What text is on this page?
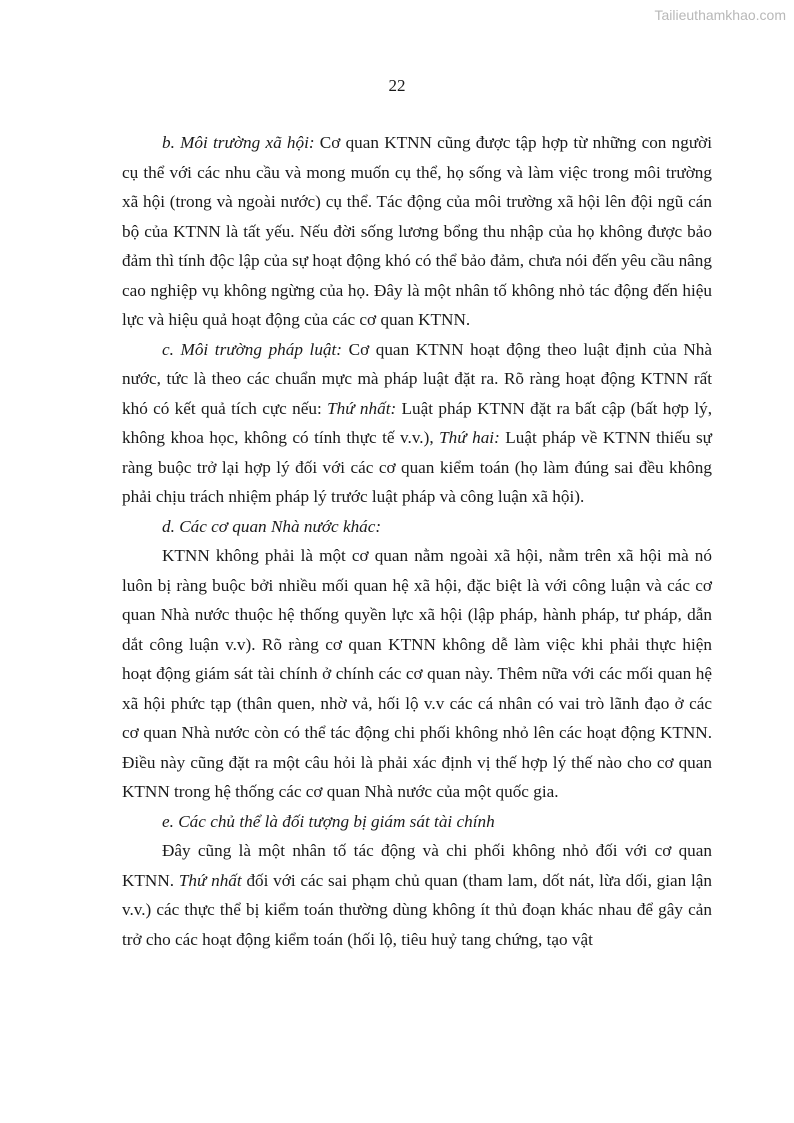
Tailieuthamkhao.com
22

b. Môi trường xã hội: Cơ quan KTNN cũng được tập hợp từ những con người cụ thể với các nhu cầu và mong muốn cụ thể, họ sống và làm việc trong môi trường xã hội (trong và ngoài nước) cụ thể. Tác động của môi trường xã hội lên đội ngũ cán bộ của KTNN là tất yếu. Nếu đời sống lương bổng thu nhập của họ không được bảo đảm thì tính độc lập của sự hoạt động khó có thể bảo đảm, chưa nói đến yêu cầu nâng cao nghiệp vụ không ngừng của họ. Đây là một nhân tố không nhỏ tác động đến hiệu lực và hiệu quả hoạt động của các cơ quan KTNN.

c. Môi trường pháp luật: Cơ quan KTNN hoạt động theo luật định của Nhà nước, tức là theo các chuẩn mực mà pháp luật đặt ra. Rõ ràng hoạt động KTNN rất khó có kết quả tích cực nếu: Thứ nhất: Luật pháp KTNN đặt ra bất cập (bất hợp lý, không khoa học, không có tính thực tế v.v.), Thứ hai: Luật pháp về KTNN thiếu sự ràng buộc trở lại hợp lý đối với các cơ quan kiểm toán (họ làm đúng sai đều không phải chịu trách nhiệm pháp lý trước luật pháp và công luận xã hội).

d. Các cơ quan Nhà nước khác:

KTNN không phải là một cơ quan nằm ngoài xã hội, nằm trên xã hội mà nó luôn bị ràng buộc bởi nhiều mối quan hệ xã hội, đặc biệt là với công luận và các cơ quan Nhà nước thuộc hệ thống quyền lực xã hội (lập pháp, hành pháp, tư pháp, dẫn dắt công luận v.v). Rõ ràng cơ quan KTNN không dễ làm việc khi phải thực hiện hoạt động giám sát tài chính ở chính các cơ quan này. Thêm nữa với các mối quan hệ xã hội phức tạp (thân quen, nhờ vả, hối lộ v.v các cá nhân có vai trò lãnh đạo ở các cơ quan Nhà nước còn có thể tác động chi phối không nhỏ lên các hoạt động KTNN. Điều này cũng đặt ra một câu hỏi là phải xác định vị thế hợp lý thế nào cho cơ quan KTNN trong hệ thống các cơ quan Nhà nước của một quốc gia.

e. Các chủ thể là đối tượng bị giám sát tài chính

Đây cũng là một nhân tố tác động và chi phối không nhỏ đối với cơ quan KTNN. Thứ nhất đối với các sai phạm chủ quan (tham lam, dốt nát, lừa dối, gian lận v.v.) các thực thể bị kiểm toán thường dùng không ít thủ đoạn khác nhau để gây cản trở cho các hoạt động kiểm toán (hối lộ, tiêu huỷ tang chứng, tạo vật
